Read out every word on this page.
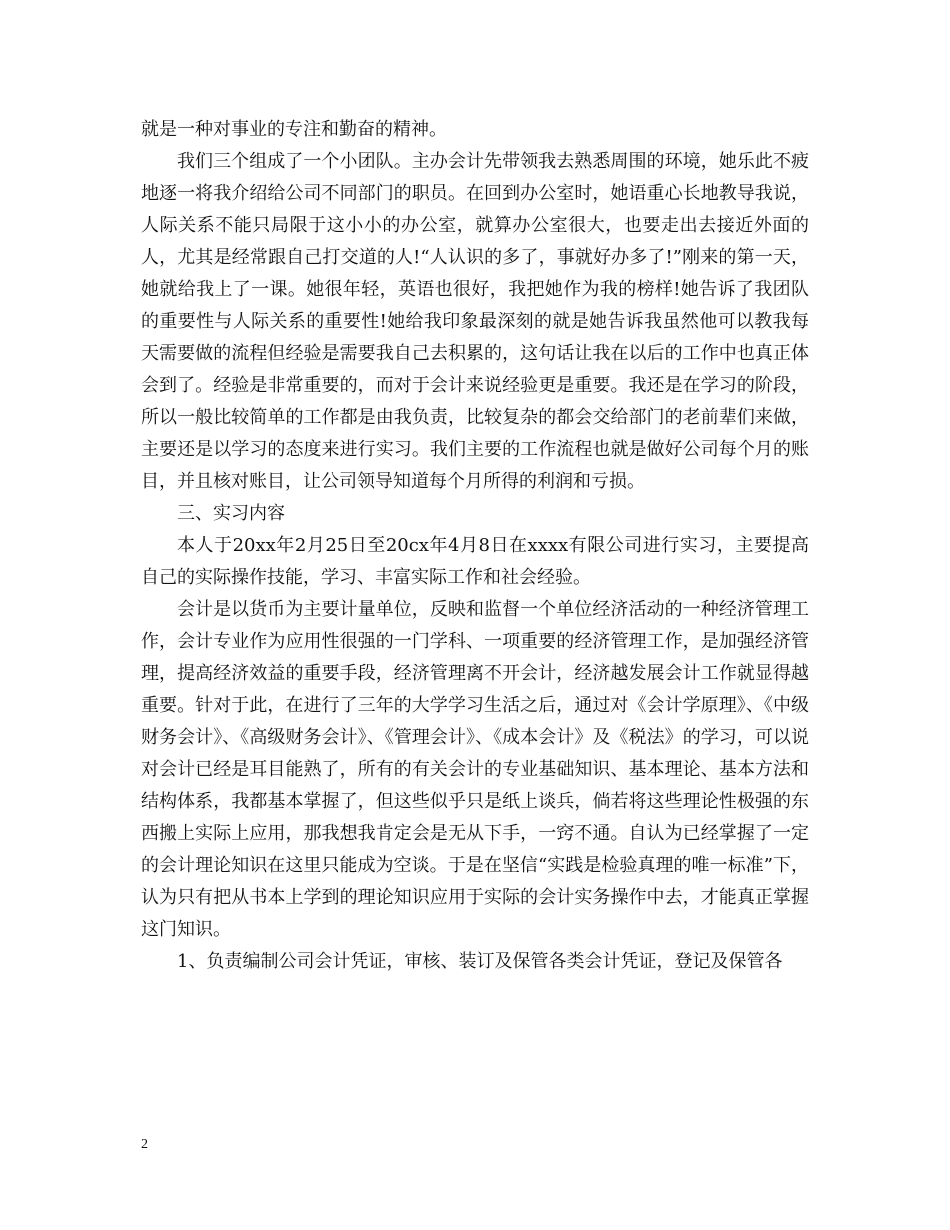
就是一种对事业的专注和勤奋的精神。

我们三个组成了一个小团队。主办会计先带领我去熟悉周围的环境，她乐此不疲地逐一将我介绍给公司不同部门的职员。在回到办公室时，她语重心长地教导我说，人际关系不能只局限于这小小的办公室，就算办公室很大，也要走出去接近外面的人，尤其是经常跟自己打交道的人!“人认识的多了，事就好办多了!”刚来的第一天，她就给我上了一课。她很年轻，英语也很好，我把她作为我的榜样!她告诉了我团队的重要性与人际关系的重要性!她给我印象最深刻的就是她告诉我虽然他可以教我每天需要做的流程但经验是需要我自己去积累的，这句话让我在以后的工作中也真正体会到了。经验是非常重要的，而对于会计来说经验更是重要。我还是在学习的阶段，所以一般比较简单的工作都是由我负责，比较复杂的都会交给部门的老前辈们来做，主要还是以学习的态度来进行实习。我们主要的工作流程也就是做好公司每个月的账目，并且核对账目，让公司领导知道每个月所得的利润和亏损。

三、实习内容

本人于20xx年2月25日至20cx年4月8日在xxxx有限公司进行实习，主要提高自己的实际操作技能，学习、丰富实际工作和社会经验。

会计是以货币为主要计量单位，反映和监督一个单位经济活动的一种经济管理工作，会计专业作为应用性很强的一门学科、一项重要的经济管理工作，是加强经济管理，提高经济效益的重要手段，经济管理离不开会计，经济越发展会计工作就显得越重要。针对于此，在进行了三年的大学学习生活之后，通过对《会计学原理》、《中级财务会计》、《高级财务会计》、《管理会计》、《成本会计》及《税法》的学习，可以说对会计已经是耳目能熟了，所有的有关会计的专业基础知识、基本理论、基本方法和结构体系，我都基本掌握了，但这些似乎只是纸上谈兵，倘若将这些理论性极强的东西搬上实际上应用，那我想我肯定会是无从下手，一窍不通。自认为已经掌握了一定的会计理论知识在这里只能成为空谈。于是在坚信“实践是检验真理的唯一标准”下，认为只有把从书本上学到的理论知识应用于实际的会计实务操作中去，才能真正掌握这门知识。

1、负责编制公司会计凭证，审核、装订及保管各类会计凭证，登记及保管各

2
